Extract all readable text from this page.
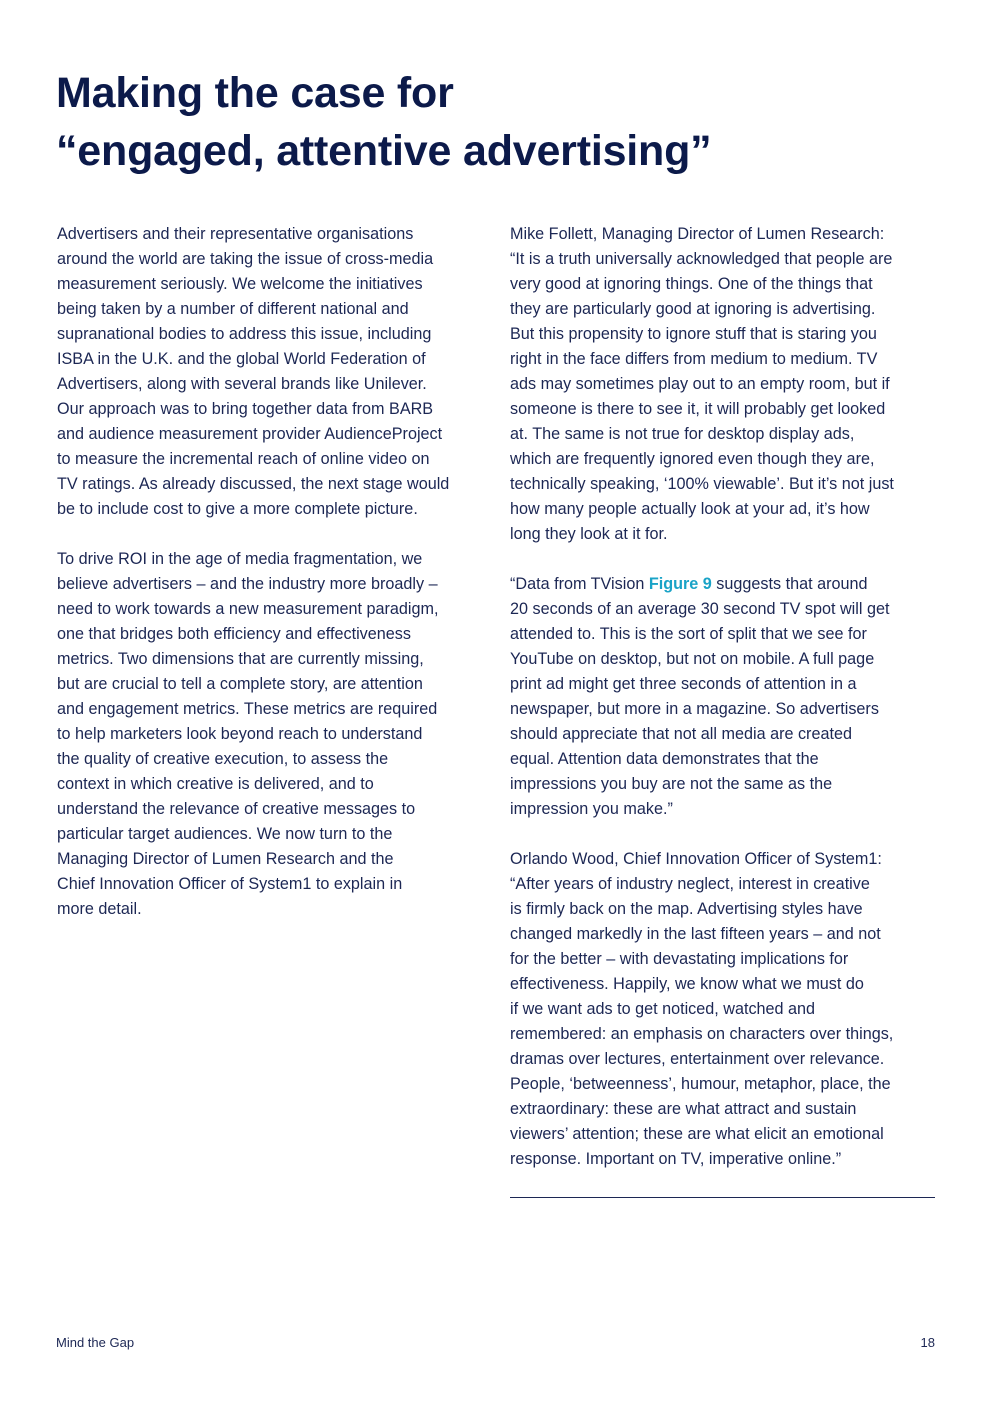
Making the case for
“engaged, attentive advertising”

Advertisers and their representative organisations
around the world are taking the issue of cross-media
measurement seriously. We welcome the initiatives
being taken by a number of different national and
supranational bodies to address this issue, including
ISBA in the U.K. and the global World Federation of
Advertisers, along with several brands like Unilever.
Our approach was to bring together data from BARB
and audience measurement provider AudienceProject
to measure the incremental reach of online video on
TV ratings. As already discussed, the next stage would
be to include cost to give a more complete picture.

To drive ROI in the age of media fragmentation, we
believe advertisers – and the industry more broadly –
need to work towards a new measurement paradigm,
one that bridges both efficiency and effectiveness
metrics. Two dimensions that are currently missing,
but are crucial to tell a complete story, are attention
and engagement metrics. These metrics are required
to help marketers look beyond reach to understand
the quality of creative execution, to assess the
context in which creative is delivered, and to
understand the relevance of creative messages to
particular target audiences. We now turn to the
Managing Director of Lumen Research and the
Chief Innovation Officer of System1 to explain in
more detail.

Mike Follett, Managing Director of Lumen Research:
“It is a truth universally acknowledged that people are
very good at ignoring things. One of the things that
they are particularly good at ignoring is advertising.
But this propensity to ignore stuff that is staring you
right in the face differs from medium to medium. TV
ads may sometimes play out to an empty room, but if
someone is there to see it, it will probably get looked
at. The same is not true for desktop display ads,
which are frequently ignored even though they are,
technically speaking, ‘100% viewable’. But it’s not just
how many people actually look at your ad, it’s how
long they look at it for.

“Data from TVision Figure 9 suggests that around
20 seconds of an average 30 second TV spot will get
attended to. This is the sort of split that we see for
YouTube on desktop, but not on mobile. A full page
print ad might get three seconds of attention in a
newspaper, but more in a magazine. So advertisers
should appreciate that not all media are created
equal. Attention data demonstrates that the
impressions you buy are not the same as the
impression you make.”

Orlando Wood, Chief Innovation Officer of System1:
“After years of industry neglect, interest in creative
is firmly back on the map. Advertising styles have
changed markedly in the last fifteen years – and not
for the better – with devastating implications for
effectiveness. Happily, we know what we must do
if we want ads to get noticed, watched and
remembered: an emphasis on characters over things,
dramas over lectures, entertainment over relevance.
People, ‘betweenness’, humour, metaphor, place, the
extraordinary: these are what attract and sustain
viewers’ attention; these are what elicit an emotional
response. Important on TV, imperative online.”

Mind the Gap	18
